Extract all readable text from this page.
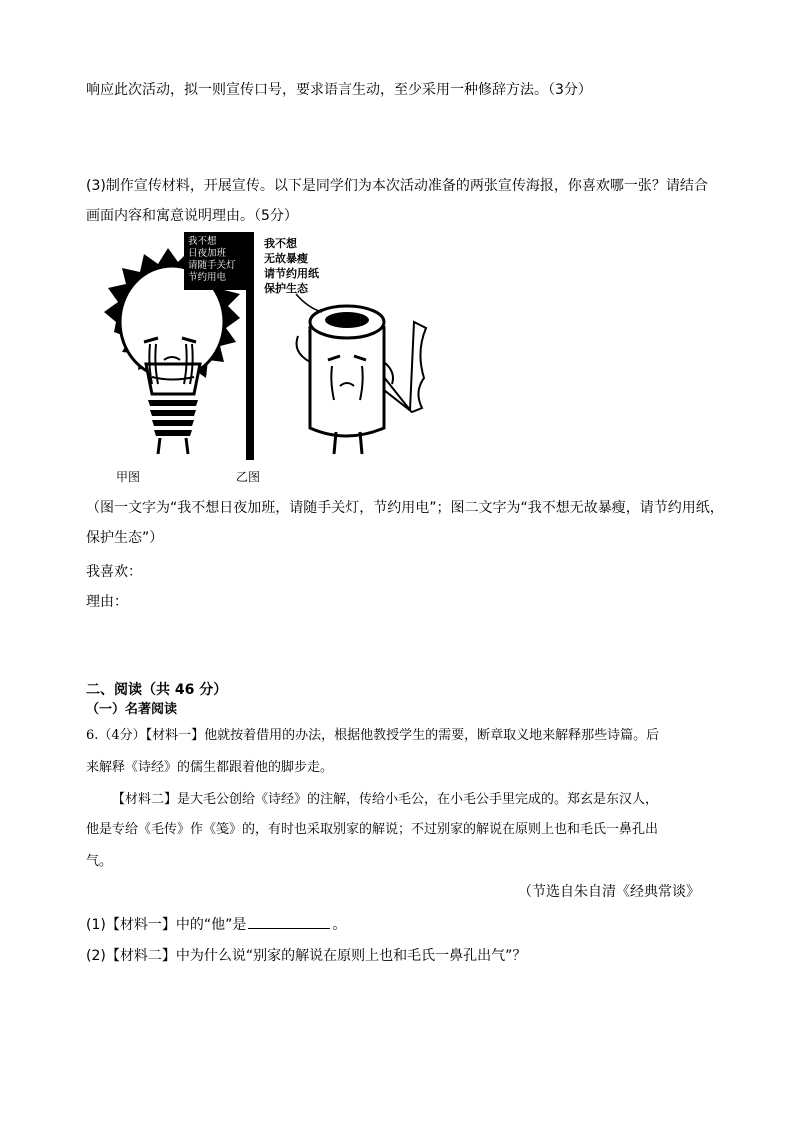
响应此次活动，拟一则宣传口号，要求语言生动，至少采用一种修辞方法。（3分）
(3)制作宣传材料，开展宣传。以下是同学们为本次活动准备的两张宣传海报，你喜欢哪一张？请结合
画面内容和寓意说明理由。（5分）
我不想
日夜加班
请随手关灯
节约用电
我不想
无故暴瘦
请节约用纸
保护生态
甲图	乙图
（图一文字为“我不想日夜加班，请随手关灯，节约用电”；图二文字为“我不想无故暴瘦，请节约用纸，
保护生态”）
我喜欢：
理由：
二、阅读（共 46 分）
（一）名著阅读
6.（4分）【材料一】他就按着借用的办法，根据他教授学生的需要，断章取义地来解释那些诗篇。后
来解释《诗经》的儒生都跟着他的脚步走。
【材料二】是大毛公创给《诗经》的注解，传给小毛公，在小毛公手里完成的。郑玄是东汉人，
他是专给《毛传》作《笺》的，有时也采取别家的解说；不过别家的解说在原则上也和毛氏一鼻孔出
气。
（节选自朱自清《经典常谈》
(1)【材料一】中的“他”是	。
(2)【材料二】中为什么说“别家的解说在原则上也和毛氏一鼻孔出气”？
